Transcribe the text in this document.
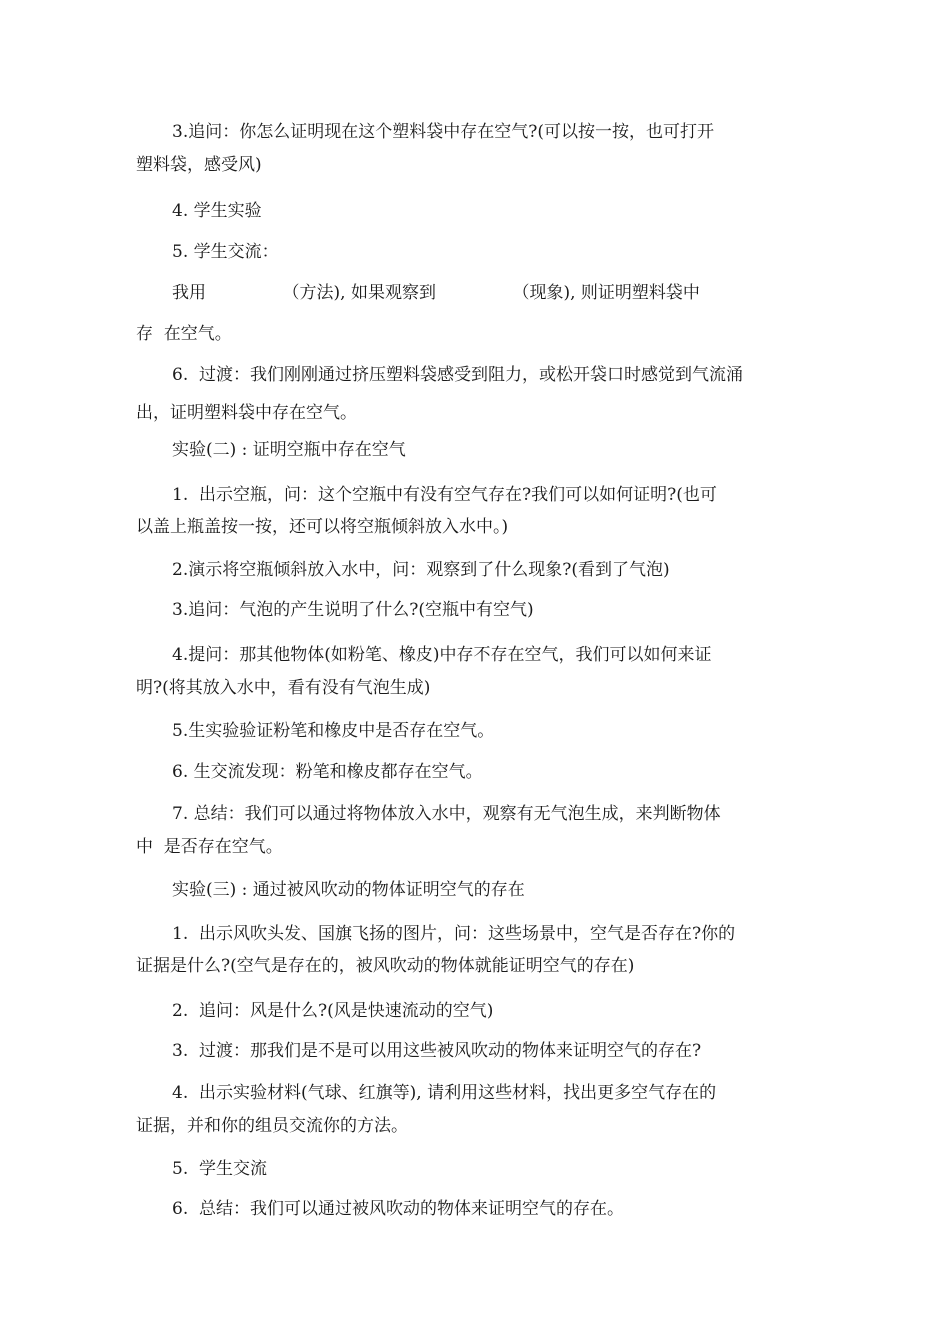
3.追问：你怎么证明现在这个塑料袋中存在空气?(可以按一按，也可打开
塑料袋，感受风)
4. 学生实验
5. 学生交流：
我用　　　　　（方法), 如果观察到　　　　　（现象), 则证明塑料袋中
存  在空气。
6.  过渡：我们刚刚通过挤压塑料袋感受到阻力，或松开袋口时感觉到气流涌
出，证明塑料袋中存在空气。
实验(二) : 证明空瓶中存在空气
1.  出示空瓶，问：这个空瓶中有没有空气存在?我们可以如何证明?(也可
以盖上瓶盖按一按，还可以将空瓶倾斜放入水中。)
2.演示将空瓶倾斜放入水中，问：观察到了什么现象?(看到了气泡)
3.追问：气泡的产生说明了什么?(空瓶中有空气)
4.提问：那其他物体(如粉笔、橡皮)中存不存在空气，我们可以如何来证
明?(将其放入水中，看有没有气泡生成)
5.生实验验证粉笔和橡皮中是否存在空气。
6. 生交流发现：粉笔和橡皮都存在空气。
7. 总结：我们可以通过将物体放入水中，观察有无气泡生成，来判断物体
中  是否存在空气。
实验(三) : 通过被风吹动的物体证明空气的存在
1.  出示风吹头发、国旗飞扬的图片，问：这些场景中，空气是否存在?你的
证据是什么?(空气是存在的，被风吹动的物体就能证明空气的存在)
2.  追问：风是什么?(风是快速流动的空气)
3.  过渡：那我们是不是可以用这些被风吹动的物体来证明空气的存在?
4.  出示实验材料(气球、红旗等), 请利用这些材料，找出更多空气存在的
证据，并和你的组员交流你的方法。
5.  学生交流
6.  总结：我们可以通过被风吹动的物体来证明空气的存在。
